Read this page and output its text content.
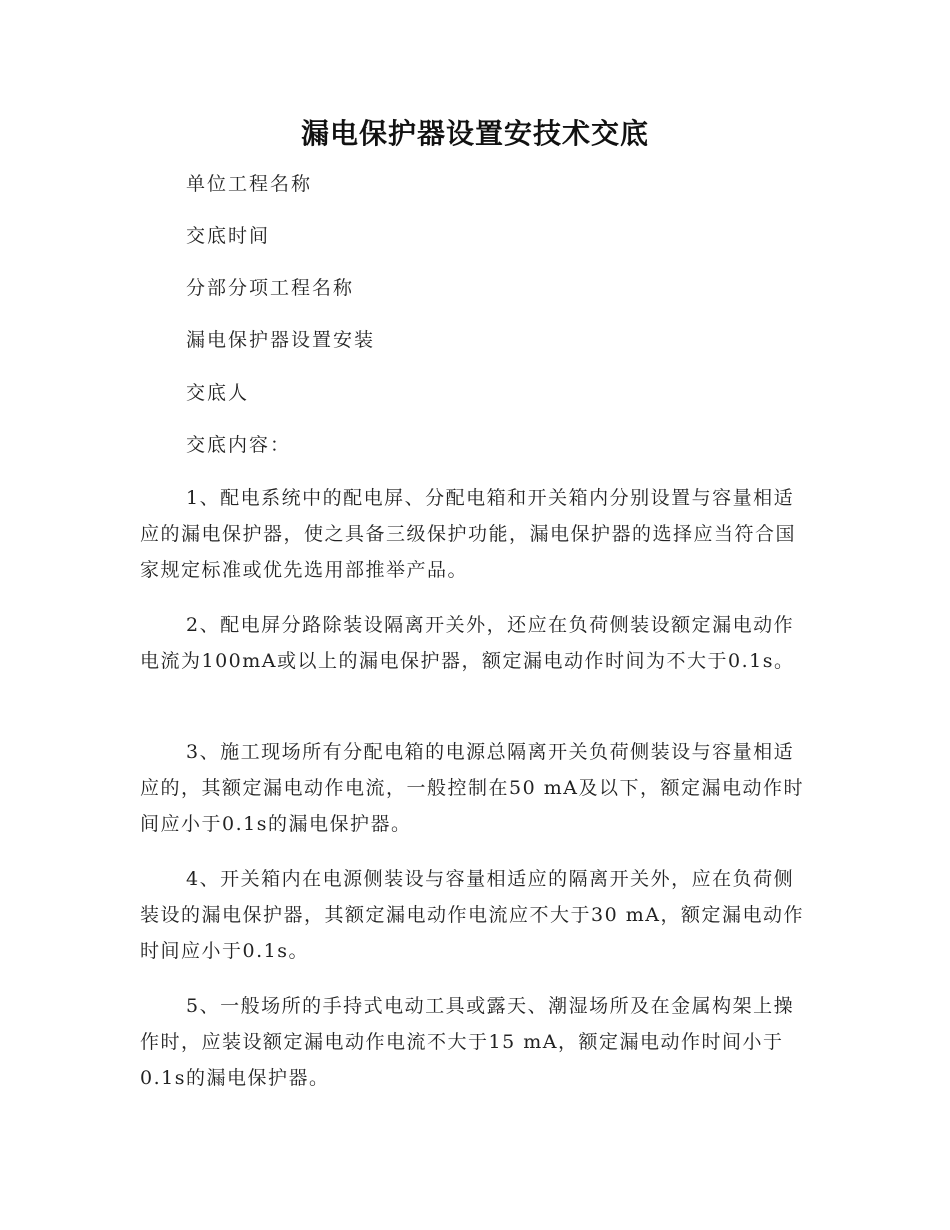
漏电保护器设置安技术交底
单位工程名称
交底时间
分部分项工程名称
漏电保护器设置安装
交底人
交底内容：

1、配电系统中的配电屏、分配电箱和开关箱内分别设置与容量相适应的漏电保护器，使之具备三级保护功能，漏电保护器的选择应当符合国家规定标准或优先选用部推举产品。

2、配电屏分路除装设隔离开关外，还应在负荷侧装设额定漏电动作电流为100mA或以上的漏电保护器，额定漏电动作时间为不大于0.1s。

3、施工现场所有分配电箱的电源总隔离开关负荷侧装设与容量相适应的，其额定漏电动作电流，一般控制在50 mA及以下，额定漏电动作时间应小于0.1s的漏电保护器。

4、开关箱内在电源侧装设与容量相适应的隔离开关外，应在负荷侧装设的漏电保护器，其额定漏电动作电流应不大于30 mA，额定漏电动作时间应小于0.1s。

5、一般场所的手持式电动工具或露天、潮湿场所及在金属构架上操作时，应装设额定漏电动作电流不大于15 mA，额定漏电动作时间小于0.1s的漏电保护器。
